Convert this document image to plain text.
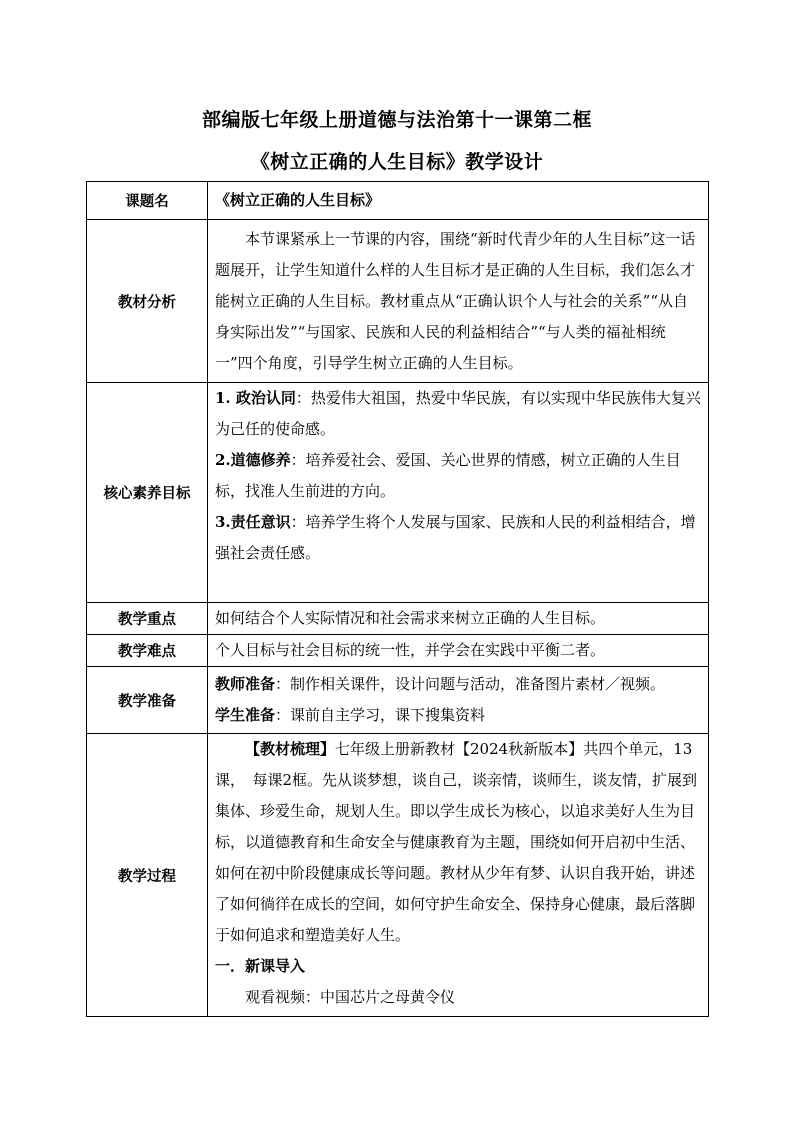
部编版七年级上册道德与法治第十一课第二框
《树立正确的人生目标》教学设计
课题名	《树立正确的人生目标》
教材分析	本节课紧承上一节课的内容，围绕“新时代青少年的人生目标”这一话题展开，让学生知道什么样的人生目标才是正确的人生目标，我们怎么才能树立正确的人生目标。教材重点从“正确认识个人与社会的关系”“从自身实际出发”“与国家、民族和人民的利益相结合”“与人类的福祉相统一”四个角度，引导学生树立正确的人生目标。

核心素养目标	1. 政治认同：热爱伟大祖国，热爱中华民族，有以实现中华民族伟大复兴为己任的使命感。

2.道德修养：培养爱社会、爱国、关心世界的情感，树立正确的人生目标，找准人生前进的方向。

3.责任意识：培养学生将个人发展与国家、民族和人民的利益相结合，增强社会责任感。

教学重点	如何结合个人实际情况和社会需求来树立正确的人生目标。
教学难点	个人目标与社会目标的统一性，并学会在实践中平衡二者。
教学准备	教师准备：制作相关课件，设计问题与活动，准备图片素材／视频。

学生准备：课前自主学习，课下搜集资料

教学过程	【教材梳理】七年级上册新教材【2024秋新版本】共四个单元，13课，　每课2框。先从谈梦想，谈自己，谈亲情，谈师生，谈友情，扩展到集体、珍爱生命，规划人生。即以学生成长为核心，以追求美好人生为目标，以道德教育和生命安全与健康教育为主题，围绕如何开启初中生活、如何在初中阶段健康成长等问题。教材从少年有梦、认识自我开始，讲述了如何徜徉在成长的空间，如何守护生命安全、保持身心健康，最后落脚于如何追求和塑造美好人生。

一．新课导入

观看视频：中国芯片之母黄令仪
